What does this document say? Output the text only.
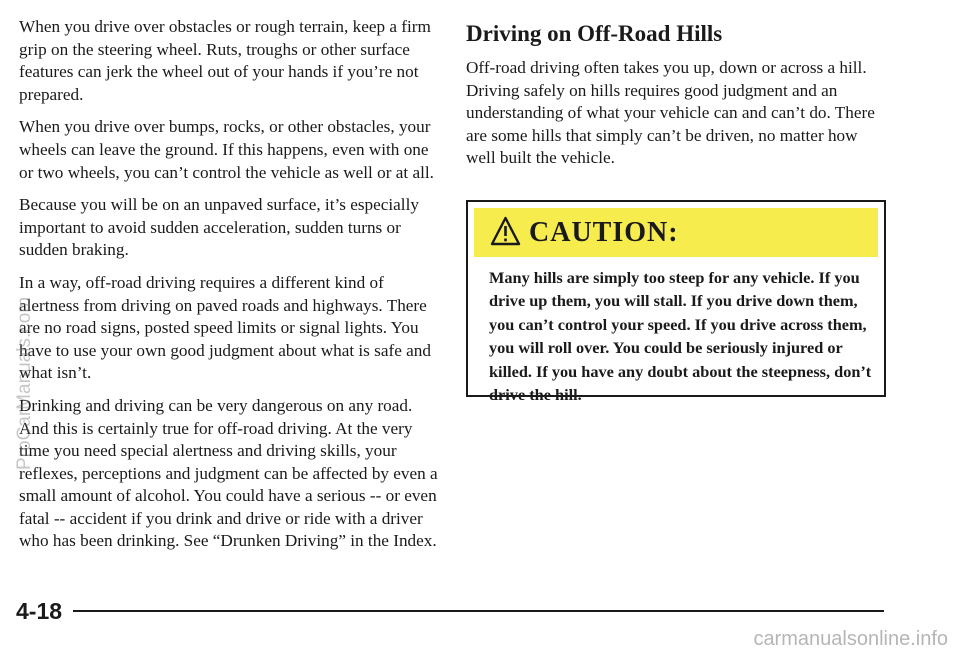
When you drive over obstacles or rough terrain, keep a firm grip on the steering wheel. Ruts, troughs or other surface features can jerk the wheel out of your hands if you’re not prepared.

When you drive over bumps, rocks, or other obstacles, your wheels can leave the ground. If this happens, even with one or two wheels, you can’t control the vehicle as well or at all.

Because you will be on an unpaved surface, it’s especially important to avoid sudden acceleration, sudden turns or sudden braking.

In a way, off-road driving requires a different kind of alertness from driving on paved roads and highways. There are no road signs, posted speed limits or signal lights. You have to use your own good judgment about what is safe and what isn’t.

Drinking and driving can be very dangerous on any road. And this is certainly true for off-road driving. At the very time you need special alertness and driving skills, your reflexes, perceptions and judgment can be affected by even a small amount of alcohol. You could have a serious -- or even fatal -- accident if you drink and drive or ride with a driver who has been drinking. See “Drunken Driving” in the Index.

Driving on Off-Road Hills

Off-road driving often takes you up, down or across a hill. Driving safely on hills requires good judgment and an understanding of what your vehicle can and can’t do. There are some hills that simply can’t be driven, no matter how well built the vehicle.

CAUTION:
Many hills are simply too steep for any vehicle. If you drive up them, you will stall. If you drive down them, you can’t control your speed. If you drive across them, you will roll over. You could be seriously injured or killed. If you have any doubt about the steepness, don’t drive the hill.
4-18
ProCarManuals.com
carmanualsonline.info
